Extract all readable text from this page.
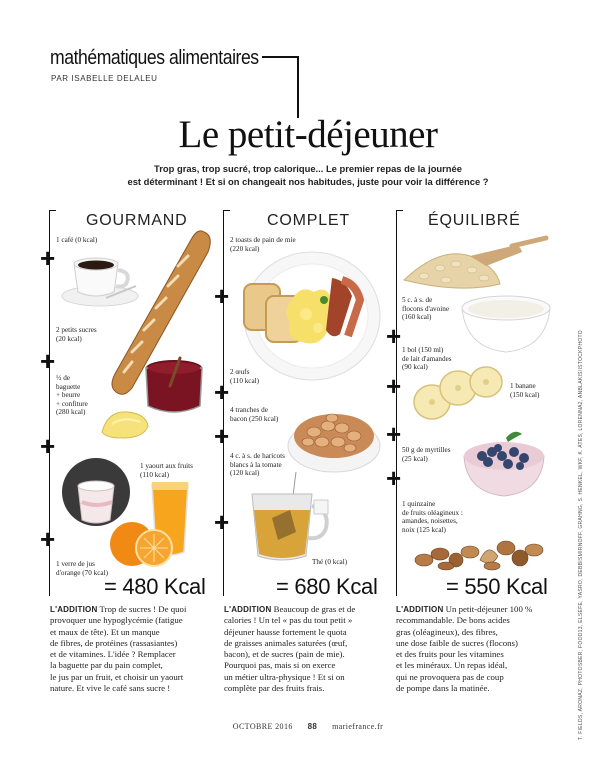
mathématiques alimentaires
PAR ISABELLE DELALEU
Le petit-déjeuner
Trop gras, trop sucré, trop calorique... Le premier repas de la journée
est déterminant ! Et si on changeait nos habitudes, juste pour voir la différence ?
GOURMAND	COMPLET	ÉQUILIBRÉ
1 café (0 kcal)
+
2 petits sucres
(20 kcal)
+
½ de
baguette
+ beurre
+ confiture
(280 kcal)
+
1 yaourt aux fruits
(110 kcal)
+
1 verre de jus
d'orange (70 kcal)
= 480 Kcal
2 toasts de pain de mie
(220 kcal)
+
2 œufs
(110 kcal)
+
4 tranches de
bacon (250 kcal)
+
4 c. à s. de haricots
blancs à la tomate
(120 kcal)
+
Thé (0 kcal)
= 680 Kcal
5 c. à s. de
flocons d'avoine
(160 kcal)
+ 1 bol (150 ml)
de lait d'amandes
(90 kcal)
1 banane
(150 kcal)
+
+
50 g de myrtilles
(25 kcal)
+
1 quinzaine
de fruits oléagineux :
amandes, noisettes,
noix (125 kcal)
= 550 Kcal	T. FIELDS, ARONAZ, PHOTOSBER, FOOD13, ELSEFE, YASRO, DEBBISMIRNOFF, GRAHNG, S. HENKEL, WKF, K. ATES, LORENNA2, ANBLAKIS/ISTOCKPHOTO
L'ADDITION Trop de sucres ! De quoi
provoquer une hypoglycémie (fatigue
et maux de tête). Et un manque
de fibres, de protéines (rassasiantes)
et de vitamines. L'idée ? Remplacer
la baguette par du pain complet,
le jus par un fruit, et choisir un yaourt
nature. Et vive le café sans sucre !
L'ADDITION Beaucoup de gras et de
calories ! Un tel « pas du tout petit »
déjeuner hausse fortement le quota
de graisses animales saturées (œuf,
bacon), et de sucres (pain de mie).
Pourquoi pas, mais si on exerce
un métier ultra-physique ! Et si on
complète par des fruits frais.
L'ADDITION Un petit-déjeuner 100 %
recommandable. De bons acides
gras (oléagineux), des fibres,
une dose faible de sucres (flocons)
et des fruits pour les vitamines
et les minéraux. Un repas idéal,
qui ne provoquera pas de coup
de pompe dans la matinée.
OCTOBRE 2016 88 mariefrance.fr
